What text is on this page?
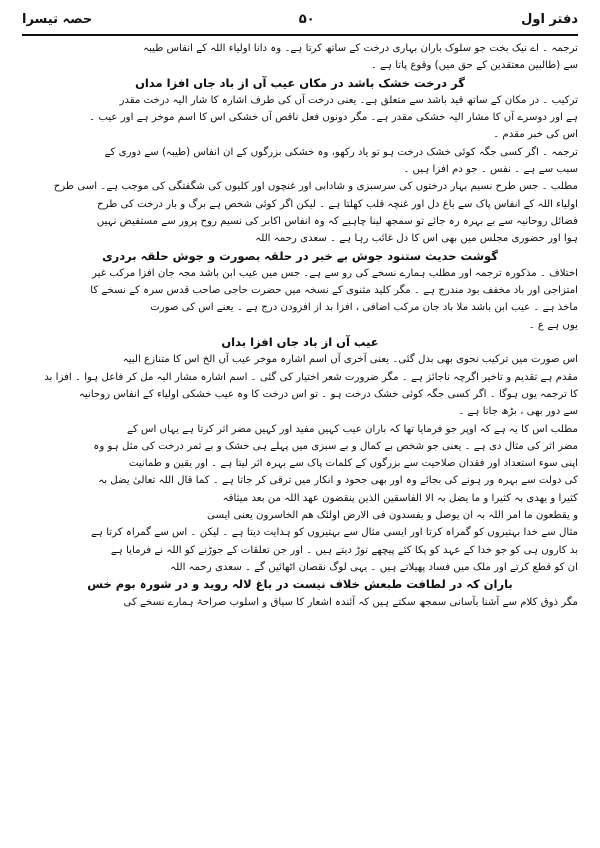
دفتر اول
۵۰
حصہ تیسرا
ترجمہ ۔ اے نیک بخت جو سلوک باران بہاری درخت کے ساتھ کرتا ہے۔ وہ دانا اولیاء اللہ کے انفاس طیبہ
سے (طالبین معتقدین کے حق میں) وقوع پاتا ہے ۔
گر درخت خشک باشد در مکاں عیب آں از باد جاں افزا مداں
ترکیب ۔ در مکان کے ساتھ قید باشد سے متعلق ہے۔ یعنی درخت آں کی طرف اشارہ کا شار الیہ درخت مقدر
ہے اور دوسرے آں کا مشار الیہ خشکی مقدر ہے۔ مگر دونوں فعل ناقص آں خشکی اس کا اسم موخر ہے اور عیب ۔
اس کی خبر مقدم ۔
ترجمہ ۔ اگر کسی جگہ کوئی خشک درخت ہو تو یاد رکھو، وہ خشکی بزرگوں کے ان انفاس (طیبہ) سے دوری کے
سبب سے ہے ۔ نفس ۔ جو دم افزا ہیں ۔
مطلب ۔ جس طرح نسیم بہار درختوں کی سرسبزی و شادابی اور غنچوں اور کلیوں کی شگفتگی کی موجب ہے۔ اسی طرح
اولیاء اللہ کے انفاس پاک سے باغ دل اور غنچہ قلب کھلتا ہے ۔ لیکن اگر کوئی شخص ہے برگ و بار درخت کی طرح
فضائل روحانیہ سے بے بہرہ رہ جائے تو سمجھ لینا چاہیے کہ وہ انفاس اکابر کی نسیم روح پرور سے مستفیض نہیں
ہوا اور حضوری مجلس میں بھی اس کا دل غائب رہا ہے ۔ سعدی رحمہ اللہ
گوشت حدیث ستنود جوش بے خبر در حلقہ بصورت و جوش حلقہ بردری
اختلاف ۔ مذکورہ ترجمہ اور مطلب ہمارے نسخے کی رو سے ہے۔ جس میں عیب ابن باشد مجہ جان افزا مرکب غیر
امتزاجی اور باد مخفف بود مندرج ہے ۔ مگر کلید مثنوی کے نسخہ میں حضرت حاجی صاحب قدس سرہ کے نسخے کا
ماخذ ہے ۔ عیب ابن باشد ملا باد جان مرکب اضافی ، افزا بد از افزودن درج ہے ۔ یعنے اس کی صورت
یوں ہے ع ۔
عیب آں از باد جاں افزا بداں
اس صورت میں ترکیب نحوی بھی بدل گئی۔ یعنی آخری آں اسم اشارہ موخر عیب آں الخ اس کا متنازع البیہ
مقدم ہے تقدیم و تاخیر اگرچہ ناجائز ہے ۔ مگر ضرورت شعر اختیار کی گئی ۔ اسم اشارہ مشار الیہ مل کر فاعل ہوا ۔ افزا بد
کا ترجمہ یوں ہوگا ۔ اگر کسی جگہ کوئی خشک درخت ہو ۔ تو اس درخت کا وہ عیب خشکی اولیاء کے انفاس روحانیہ
سے دور بھی ، بڑھ جاتا ہے ۔
مطلب اس کا یہ ہے کہ اوپر جو فرمایا تھا کہ باران عیب کہیں مفید اور کہیں مضر اثر کرتا ہے یہاں اس کے
مضر اثر کی مثال دی ہے ۔ یعنی جو شخص بے کمال و بے سبزی میں پہلے ہی خشک و بے ثمر درخت کی مثل ہو وہ
اپنی سوء استعداد اور فقدان صلاحیت سے بزرگوں کے کلمات پاک سے بہرہ اثر لیتا ہے ۔ اور یقین و طمانیت
کی دولت سے بہرہ ور ہونے کی بجائے وہ اور بھی جحود و انکار میں ترقی کر جاتا ہے ۔ کما قال اللہ تعالیٰ یضل بہ
کثیرا و یھدی بہ کثیرا و ما یضل بہ الا الفاسقین الذین ینقضون عھد اللہ من بعد میثاقہ
و یقطعون ما امر اللہ بہ ان یوصل و یفسدون فی الارض اولئک ھم الخاسرون یعنی ایسی
مثال سے خدا بہتیروں کو گمراہ کرتا اور ایسی مثال سے بہتیروں کو ہدایت دیتا ہے ۔ لیکن ۔ اس سے گمراہ کرتا ہے
بد کاروں ہی کو جو خدا کے عہد کو پکا کئے پیچھے توڑ دیتے ہیں ۔ اور جن تعلقات کے جوڑنے کو اللہ نے فرمایا ہے
ان کو قطع کرتے اور ملک میں فساد پھیلاتے ہیں ۔ یہی لوگ نقصان اٹھائیں گے ۔ سعدی رحمہ اللہ
باران کہ در لطافت طبعش خلاف نیست در باغ لالہ روید و در شورہ بوم خس
مگر ذوق کلام سے آشنا بآسانی سمجھ سکتے ہیں کہ آئندہ اشعار کا سیاق و اسلوب صراحۃ ہمارے نسخے کی
